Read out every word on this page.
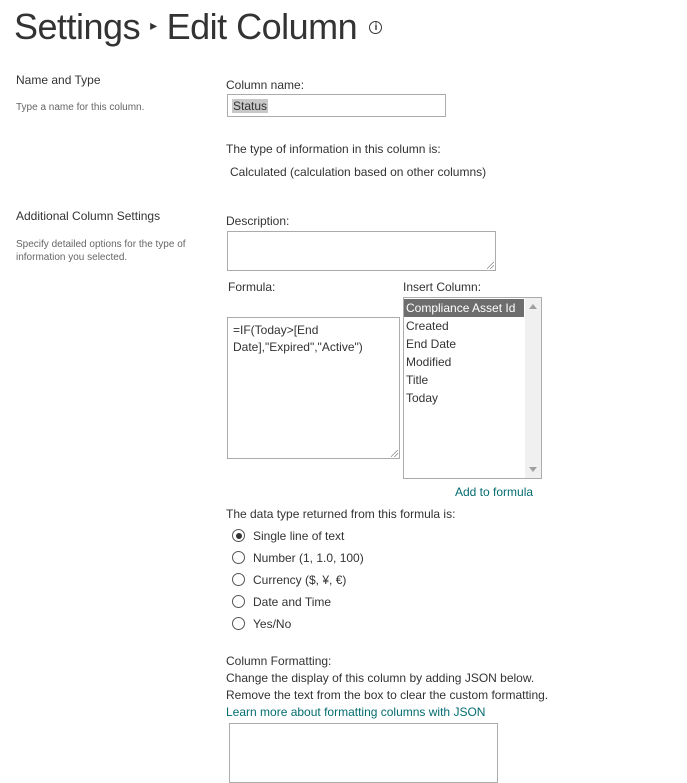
Settings ▸ Edit Column i
Name and Type
Type a name for this column.
Column name:
Status
The type of information in this column is:
Calculated (calculation based on other columns)
Additional Column Settings
Specify detailed options for the type of information you selected.
Description:
Formula:
=IF(Today>[End Date],"Expired","Active")
Insert Column:
Compliance Asset Id
Created
End Date
Modified
Title
Today
Add to formula
The data type returned from this formula is:
Single line of text
Number (1, 1.0, 100)
Currency ($, ¥, €)
Date and Time
Yes/No
Column Formatting:
Change the display of this column by adding JSON below.
Remove the text from the box to clear the custom formatting.
Learn more about formatting columns with JSON
